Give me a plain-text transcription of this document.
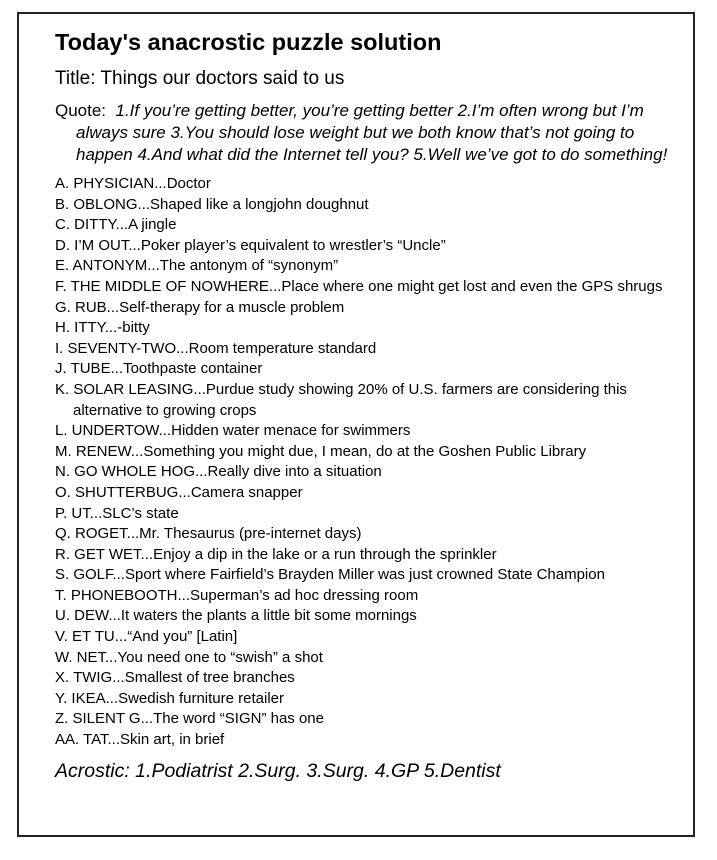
Today's anacrostic puzzle solution
Title: Things our doctors said to us
Quote: 1.If you’re getting better, you’re getting better 2.I’m often wrong but I’m always sure 3.You should lose weight but we both know that’s not going to happen 4.And what did the Internet tell you? 5.Well we’ve got to do something!
A. PHYSICIAN...Doctor
B. OBLONG...Shaped like a longjohn doughnut
C. DITTY...A jingle
D. I’M OUT...Poker player’s equivalent to wrestler’s “Uncle”
E. ANTONYM...The antonym of “synonym”
F. THE MIDDLE OF NOWHERE...Place where one might get lost and even the GPS shrugs
G. RUB...Self-therapy for a muscle problem
H. ITTY...-bitty
I. SEVENTY-TWO...Room temperature standard
J. TUBE...Toothpaste container
K. SOLAR LEASING...Purdue study showing 20% of U.S. farmers are considering this alternative to growing crops
L. UNDERTOW...Hidden water menace for swimmers
M. RENEW...Something you might due, I mean, do at the Goshen Public Library
N. GO WHOLE HOG...Really dive into a situation
O. SHUTTERBUG...Camera snapper
P. UT...SLC’s state
Q. ROGET...Mr. Thesaurus (pre-internet days)
R. GET WET...Enjoy a dip in the lake or a run through the sprinkler
S. GOLF...Sport where Fairfield’s Brayden Miller was just crowned State Champion
T. PHONEBOOTH...Superman’s ad hoc dressing room
U. DEW...It waters the plants a little bit some mornings
V. ET TU...“And you” [Latin]
W. NET...You need one to “swish” a shot
X. TWIG...Smallest of tree branches
Y. IKEA...Swedish furniture retailer
Z. SILENT G...The word “SIGN” has one
AA. TAT...Skin art, in brief
Acrostic: 1.Podiatrist 2.Surg. 3.Surg. 4.GP 5.Dentist
